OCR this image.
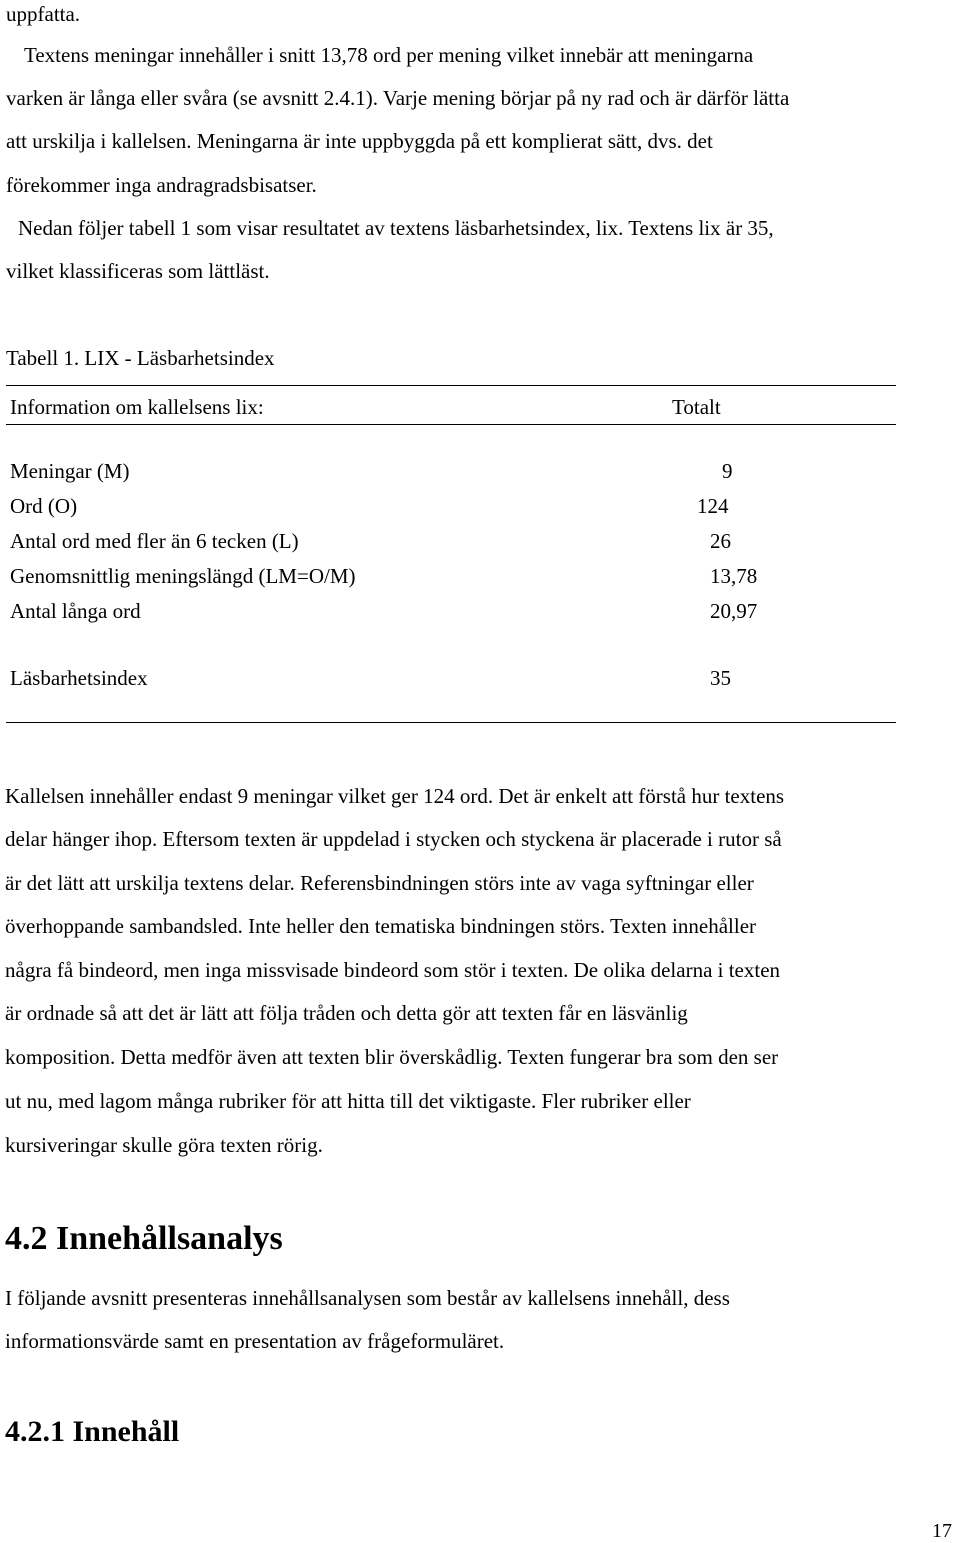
uppfatta.
Textens meningar innehåller i snitt 13,78 ord per mening vilket innebär att meningarna
varken är långa eller svåra (se avsnitt 2.4.1). Varje mening börjar på ny rad och är därför lätta
att urskilja i kallelsen. Meningarna är inte uppbyggda på ett komplierat sätt, dvs. det
förekommer inga andragradsbisatser.
Nedan följer tabell 1 som visar resultatet av textens läsbarhetsindex, lix. Textens lix är 35,
vilket klassificeras som lättläst.
Tabell 1. LIX - Läsbarhetsindex
Information om kallelsens lix:	Totalt
Meningar (M)	9
Ord (O)	124
Antal ord med fler än 6 tecken (L)	26
Genomsnittlig meningslängd (LM=O/M)	13,78
Antal långa ord	20,97
Läsbarhetsindex	35
Kallelsen innehåller endast 9 meningar vilket ger 124 ord. Det är enkelt att förstå hur textens
delar hänger ihop. Eftersom texten är uppdelad i stycken och styckena är placerade i rutor så
är det lätt att urskilja textens delar. Referensbindningen störs inte av vaga syftningar eller
överhoppande sambandsled. Inte heller den tematiska bindningen störs. Texten innehåller
några få bindeord, men inga missvisade bindeord som stör i texten. De olika delarna i texten
är ordnade så att det är lätt att följa tråden och detta gör att texten får en läsvänlig
komposition. Detta medför även att texten blir överskådlig. Texten fungerar bra som den ser
ut nu, med lagom många rubriker för att hitta till det viktigaste. Fler rubriker eller
kursiveringar skulle göra texten rörig.
4.2 Innehållsanalys
I följande avsnitt presenteras innehållsanalysen som består av kallelsens innehåll, dess
informationsvärde samt en presentation av frågeformuläret.
4.2.1 Innehåll
17
